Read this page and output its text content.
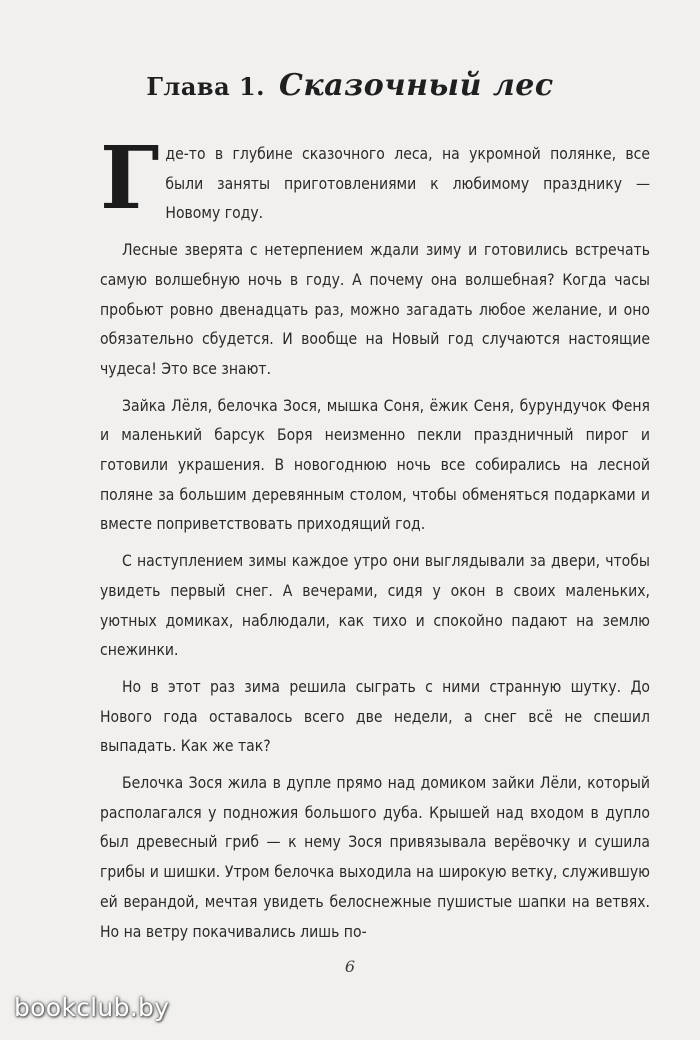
Глава 1. Сказочный лес

Где-то в глубине сказочного леса, на укромной полянке, все были заняты приготовлениями к любимому празднику — Новому году.

Лесные зверята с нетерпением ждали зиму и готовились встречать самую волшебную ночь в году. А почему она волшебная? Когда часы пробьют ровно двенадцать раз, можно загадать любое желание, и оно обязательно сбудется. И вообще на Новый год случаются настоящие чудеса! Это все знают.

Зайка Лёля, белочка Зося, мышка Соня, ёжик Сеня, бурундучок Феня и маленький барсук Боря неизменно пекли праздничный пирог и готовили украшения. В новогоднюю ночь все собирались на лесной поляне за большим деревянным столом, чтобы обменяться подарками и вместе поприветствовать приходящий год.

С наступлением зимы каждое утро они выглядывали за двери, чтобы увидеть первый снег. А вечерами, сидя у окон в своих маленьких, уютных домиках, наблюдали, как тихо и спокойно падают на землю снежинки.

Но в этот раз зима решила сыграть с ними странную шутку. До Нового года оставалось всего две недели, а снег всё не спешил выпадать. Как же так?

Белочка Зося жила в дупле прямо над домиком зайки Лёли, который располагался у подножия большого дуба. Крышей над входом в дупло был древесный гриб — к нему Зося привязывала верёвочку и сушила грибы и шишки. Утром белочка выходила на широкую ветку, служившую ей верандой, мечтая увидеть белоснежные пушистые шапки на ветвях. Но на ветру покачивались лишь по-

6
bookclub.by
